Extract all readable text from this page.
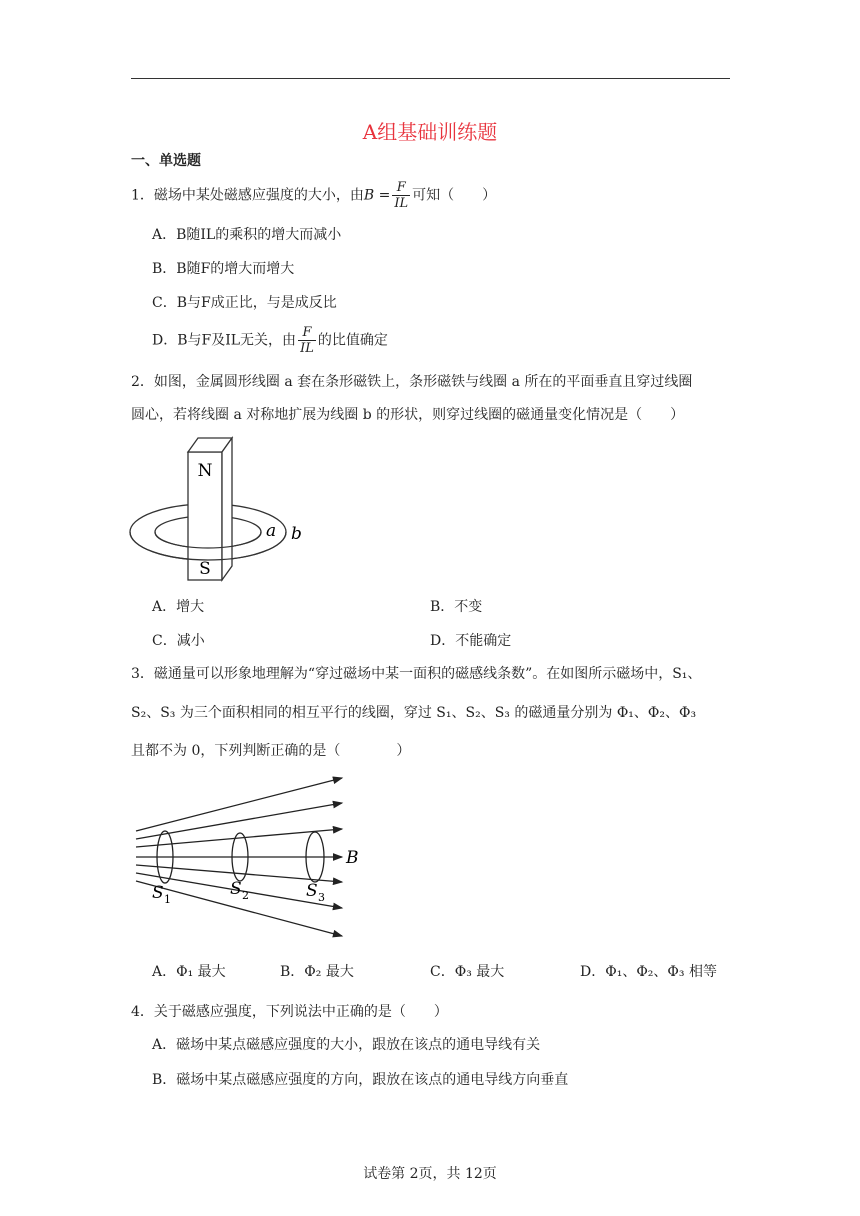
A组基础训练题
一、单选题
1．磁场中某处磁感应强度的大小，由$B = \frac{F}{IL}$ 可知（　　）
A．B随IL的乘积的增大而减小
B．B随F的增大而增大
C．B与F成正比，与是成反比
D．B与F及IL无关，由 $\frac{F}{IL}$ 的比值确定
2．如图，金属圆形线圈 a 套在条形磁铁上，条形磁铁与线圈 a 所在的平面垂直且穿过线圈
圆心，若将线圈 a 对称地扩展为线圈 b 的形状，则穿过线圈的磁通量变化情况是（　　）
N
S
a b
A．增大	B．不变
C．减小	D．不能确定
3．磁通量可以形象地理解为“穿过磁场中某一面积的磁感线条数”。在如图所示磁场中，S₁、
S₂、S₃ 为三个面积相同的相互平行的线圈，穿过 S₁、S₂、S₃ 的磁通量分别为 Φ₁、Φ₂、Φ₃
且都不为 0，下列判断正确的是（　　　　）
B
S 1
S 2	S 3
A．Φ₁ 最大	B．Φ₂ 最大	C．Φ₃ 最大	D．Φ₁、Φ₂、Φ₃ 相等
4．关于磁感应强度，下列说法中正确的是（　　）
A．磁场中某点磁感应强度的大小，跟放在该点的通电导线有关
B．磁场中某点磁感应强度的方向，跟放在该点的通电导线方向垂直
试卷第 2页，共 12页
